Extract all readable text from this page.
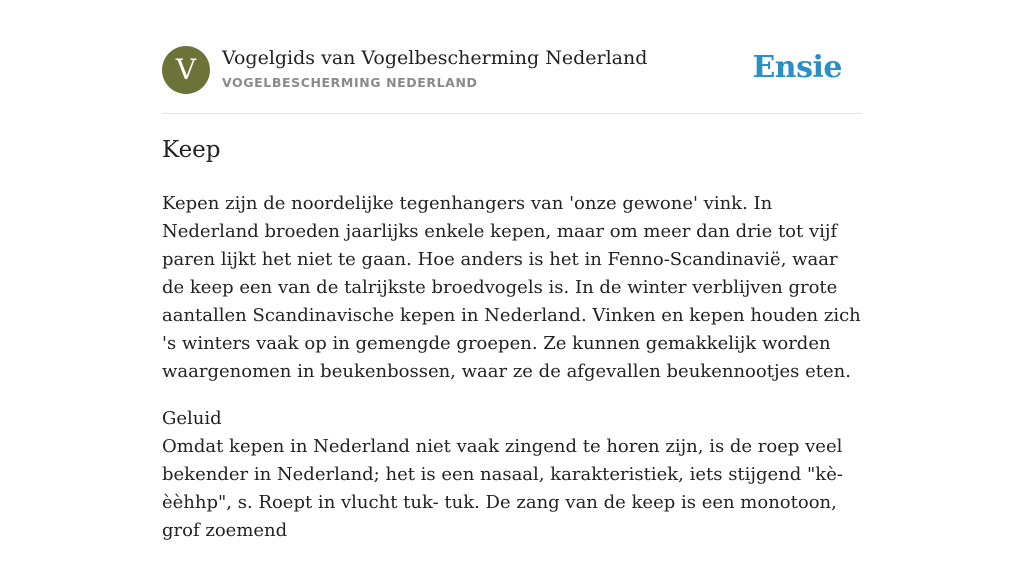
V	Vogelgids van Vogelbescherming Nederland
VOGELBESCHERMING NEDERLAND	Ensie
Keep

Kepen zijn de noordelijke tegenhangers van 'onze gewone' vink. In Nederland broeden jaarlijks enkele kepen, maar om meer dan drie tot vijf paren lijkt het niet te gaan. Hoe anders is het in Fenno-Scandinavië, waar de keep een van de talrijkste broedvogels is. In de winter verblijven grote aantallen Scandinavische kepen in Nederland. Vinken en kepen houden zich 's winters vaak op in gemengde groepen. Ze kunnen gemakkelijk worden waargenomen in beukenbossen, waar ze de afgevallen beukennootjes eten.

Geluid
Omdat kepen in Nederland niet vaak zingend te horen zijn, is de roep veel bekender in Nederland; het is een nasaal, karakteristiek, iets stijgend "kè-èèhhp", s. Roept in vlucht tuk- tuk. De zang van de keep is een monotoon, grof zoemend
